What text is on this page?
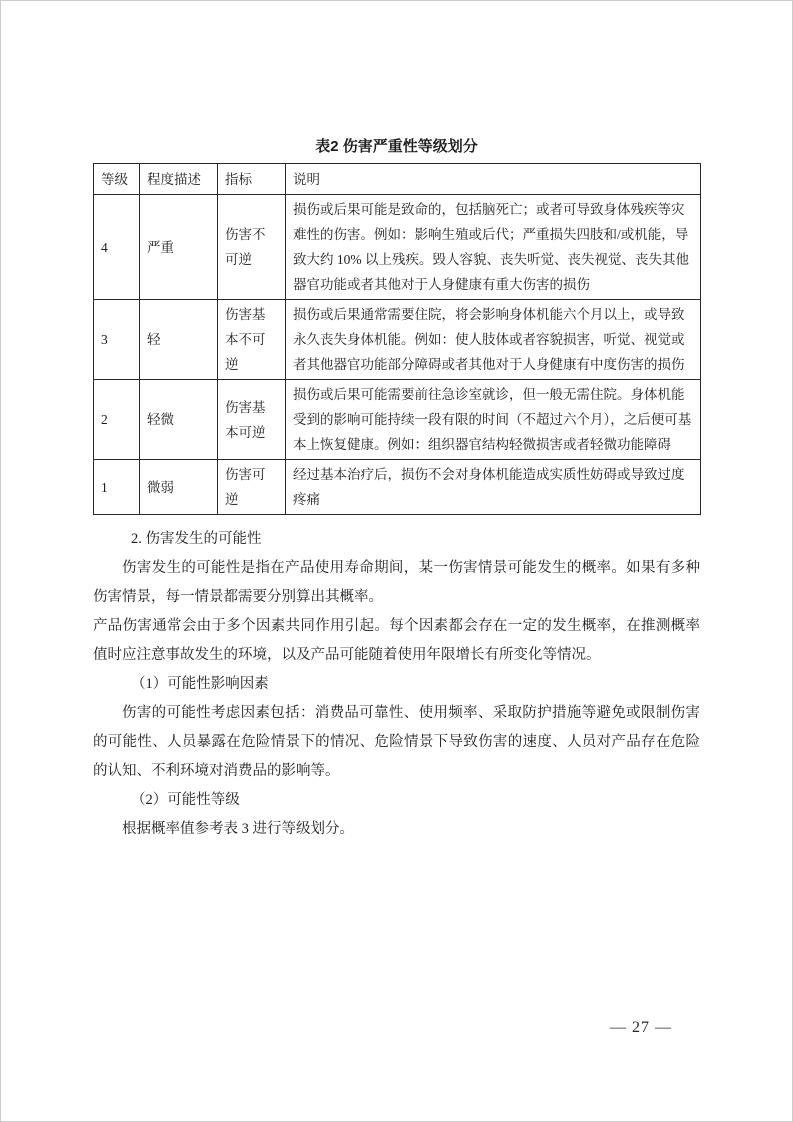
表2 伤害严重性等级划分
等级	程度描述	指标	说明
4	严重	伤害不可逆	损伤或后果可能是致命的，包括脑死亡；或者可导致身体残疾等灾难性的伤害。例如：影响生殖或后代；严重损失四肢和/或机能，导致大约 10% 以上残疾。毁人容貌、丧失听觉、丧失视觉、丧失其他器官功能或者其他对于人身健康有重大伤害的损伤
3	轻	伤害基本不可逆	损伤或后果通常需要住院，将会影响身体机能六个月以上，或导致永久丧失身体机能。例如：使人肢体或者容貌损害，听觉、视觉或者其他器官功能部分障碍或者其他对于人身健康有中度伤害的损伤
2	轻微	伤害基本可逆	损伤或后果可能需要前往急诊室就诊，但一般无需住院。身体机能受到的影响可能持续一段有限的时间（不超过六个月），之后便可基本上恢复健康。例如：组织器官结构轻微损害或者轻微功能障碍
1	微弱	伤害可逆	经过基本治疗后，损伤不会对身体机能造成实质性妨碍或导致过度疼痛
2. 伤害发生的可能性

伤害发生的可能性是指在产品使用寿命期间，某一伤害情景可能发生的概率。如果有多种伤害情景，每一情景都需要分别算出其概率。

产品伤害通常会由于多个因素共同作用引起。每个因素都会存在一定的发生概率，在推测概率值时应注意事故发生的环境，以及产品可能随着使用年限增长有所变化等情况。

（1）可能性影响因素

伤害的可能性考虑因素包括：消费品可靠性、使用频率、采取防护措施等避免或限制伤害的可能性、人员暴露在危险情景下的情况、危险情景下导致伤害的速度、人员对产品存在危险的认知、不利环境对消费品的影响等。

（2）可能性等级

根据概率值参考表 3 进行等级划分。

— 27 —
